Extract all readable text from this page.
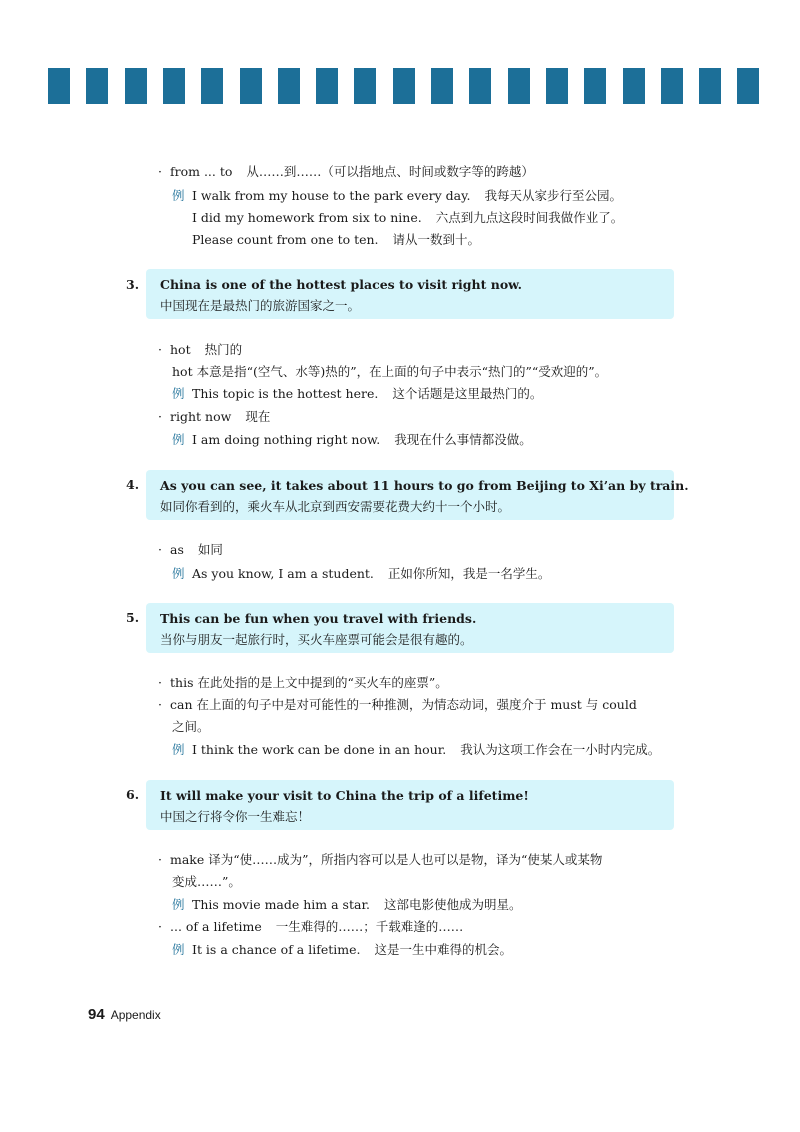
· from ... to 从……到……（可以指地点、时间或数字等的跨越）
例 I walk from my house to the park every day. 我每天从家步行至公园。
I did my homework from six to nine. 六点到九点这段时间我做作业了。
Please count from one to ten. 请从一数到十。
3. China is one of the hottest places to visit right now.
中国现在是最热门的旅游国家之一。
· hot 热门的
hot 本意是指“(空气、水等)热的”，在上面的句子中表示“热门的”“受欢迎的”。
例 This topic is the hottest here. 这个话题是这里最热门的。
· right now 现在
例 I am doing nothing right now. 我现在什么事情都没做。
4. As you can see, it takes about 11 hours to go from Beijing to Xi’an by train.
如同你看到的，乘火车从北京到西安需要花费大约十一个小时。
· as 如同
例 As you know, I am a student. 正如你所知，我是一名学生。
5. This can be fun when you travel with friends.
当你与朋友一起旅行时，买火车座票可能会是很有趣的。
· this 在此处指的是上文中提到的“买火车的座票”。
· can 在上面的句子中是对可能性的一种推测，为情态动词，强度介于 must 与 could
之间。
例 I think the work can be done in an hour. 我认为这项工作会在一小时内完成。
6. It will make your visit to China the trip of a lifetime!
中国之行将令你一生难忘！
· make 译为“使……成为”，所指内容可以是人也可以是物，译为“使某人或某物
变成……”。
例 This movie made him a star. 这部电影使他成为明星。
· ... of a lifetime 一生难得的……；千载难逢的……
例 It is a chance of a lifetime. 这是一生中难得的机会。
94 Appendix
